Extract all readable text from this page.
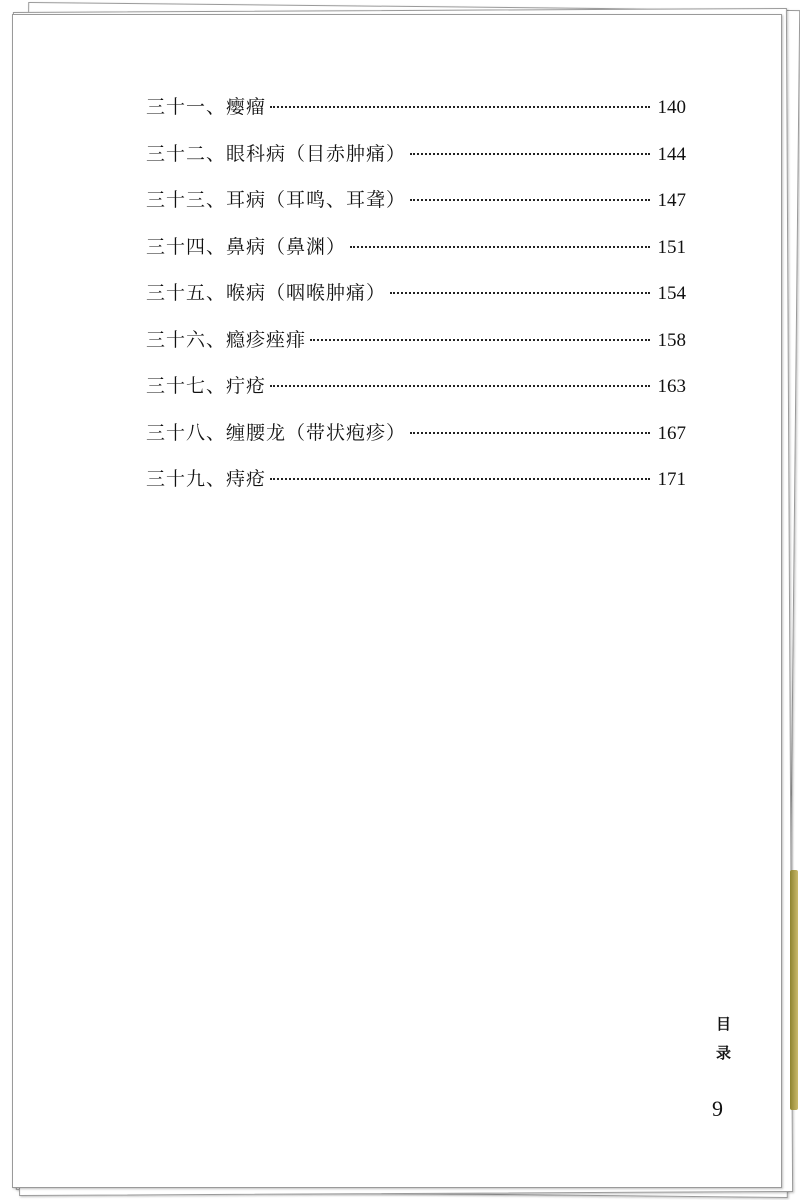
三十一、瘿瘤	140
三十二、眼科病（目赤肿痛）	144
三十三、耳病（耳鸣、耳聋）	147
三十四、鼻病（鼻渊）	151
三十五、喉病（咽喉肿痛）	154
三十六、瘾疹痤痱	158
三十七、疔疮	163
三十八、缠腰龙（带状疱疹）	167
三十九、痔疮	171
目录
9
